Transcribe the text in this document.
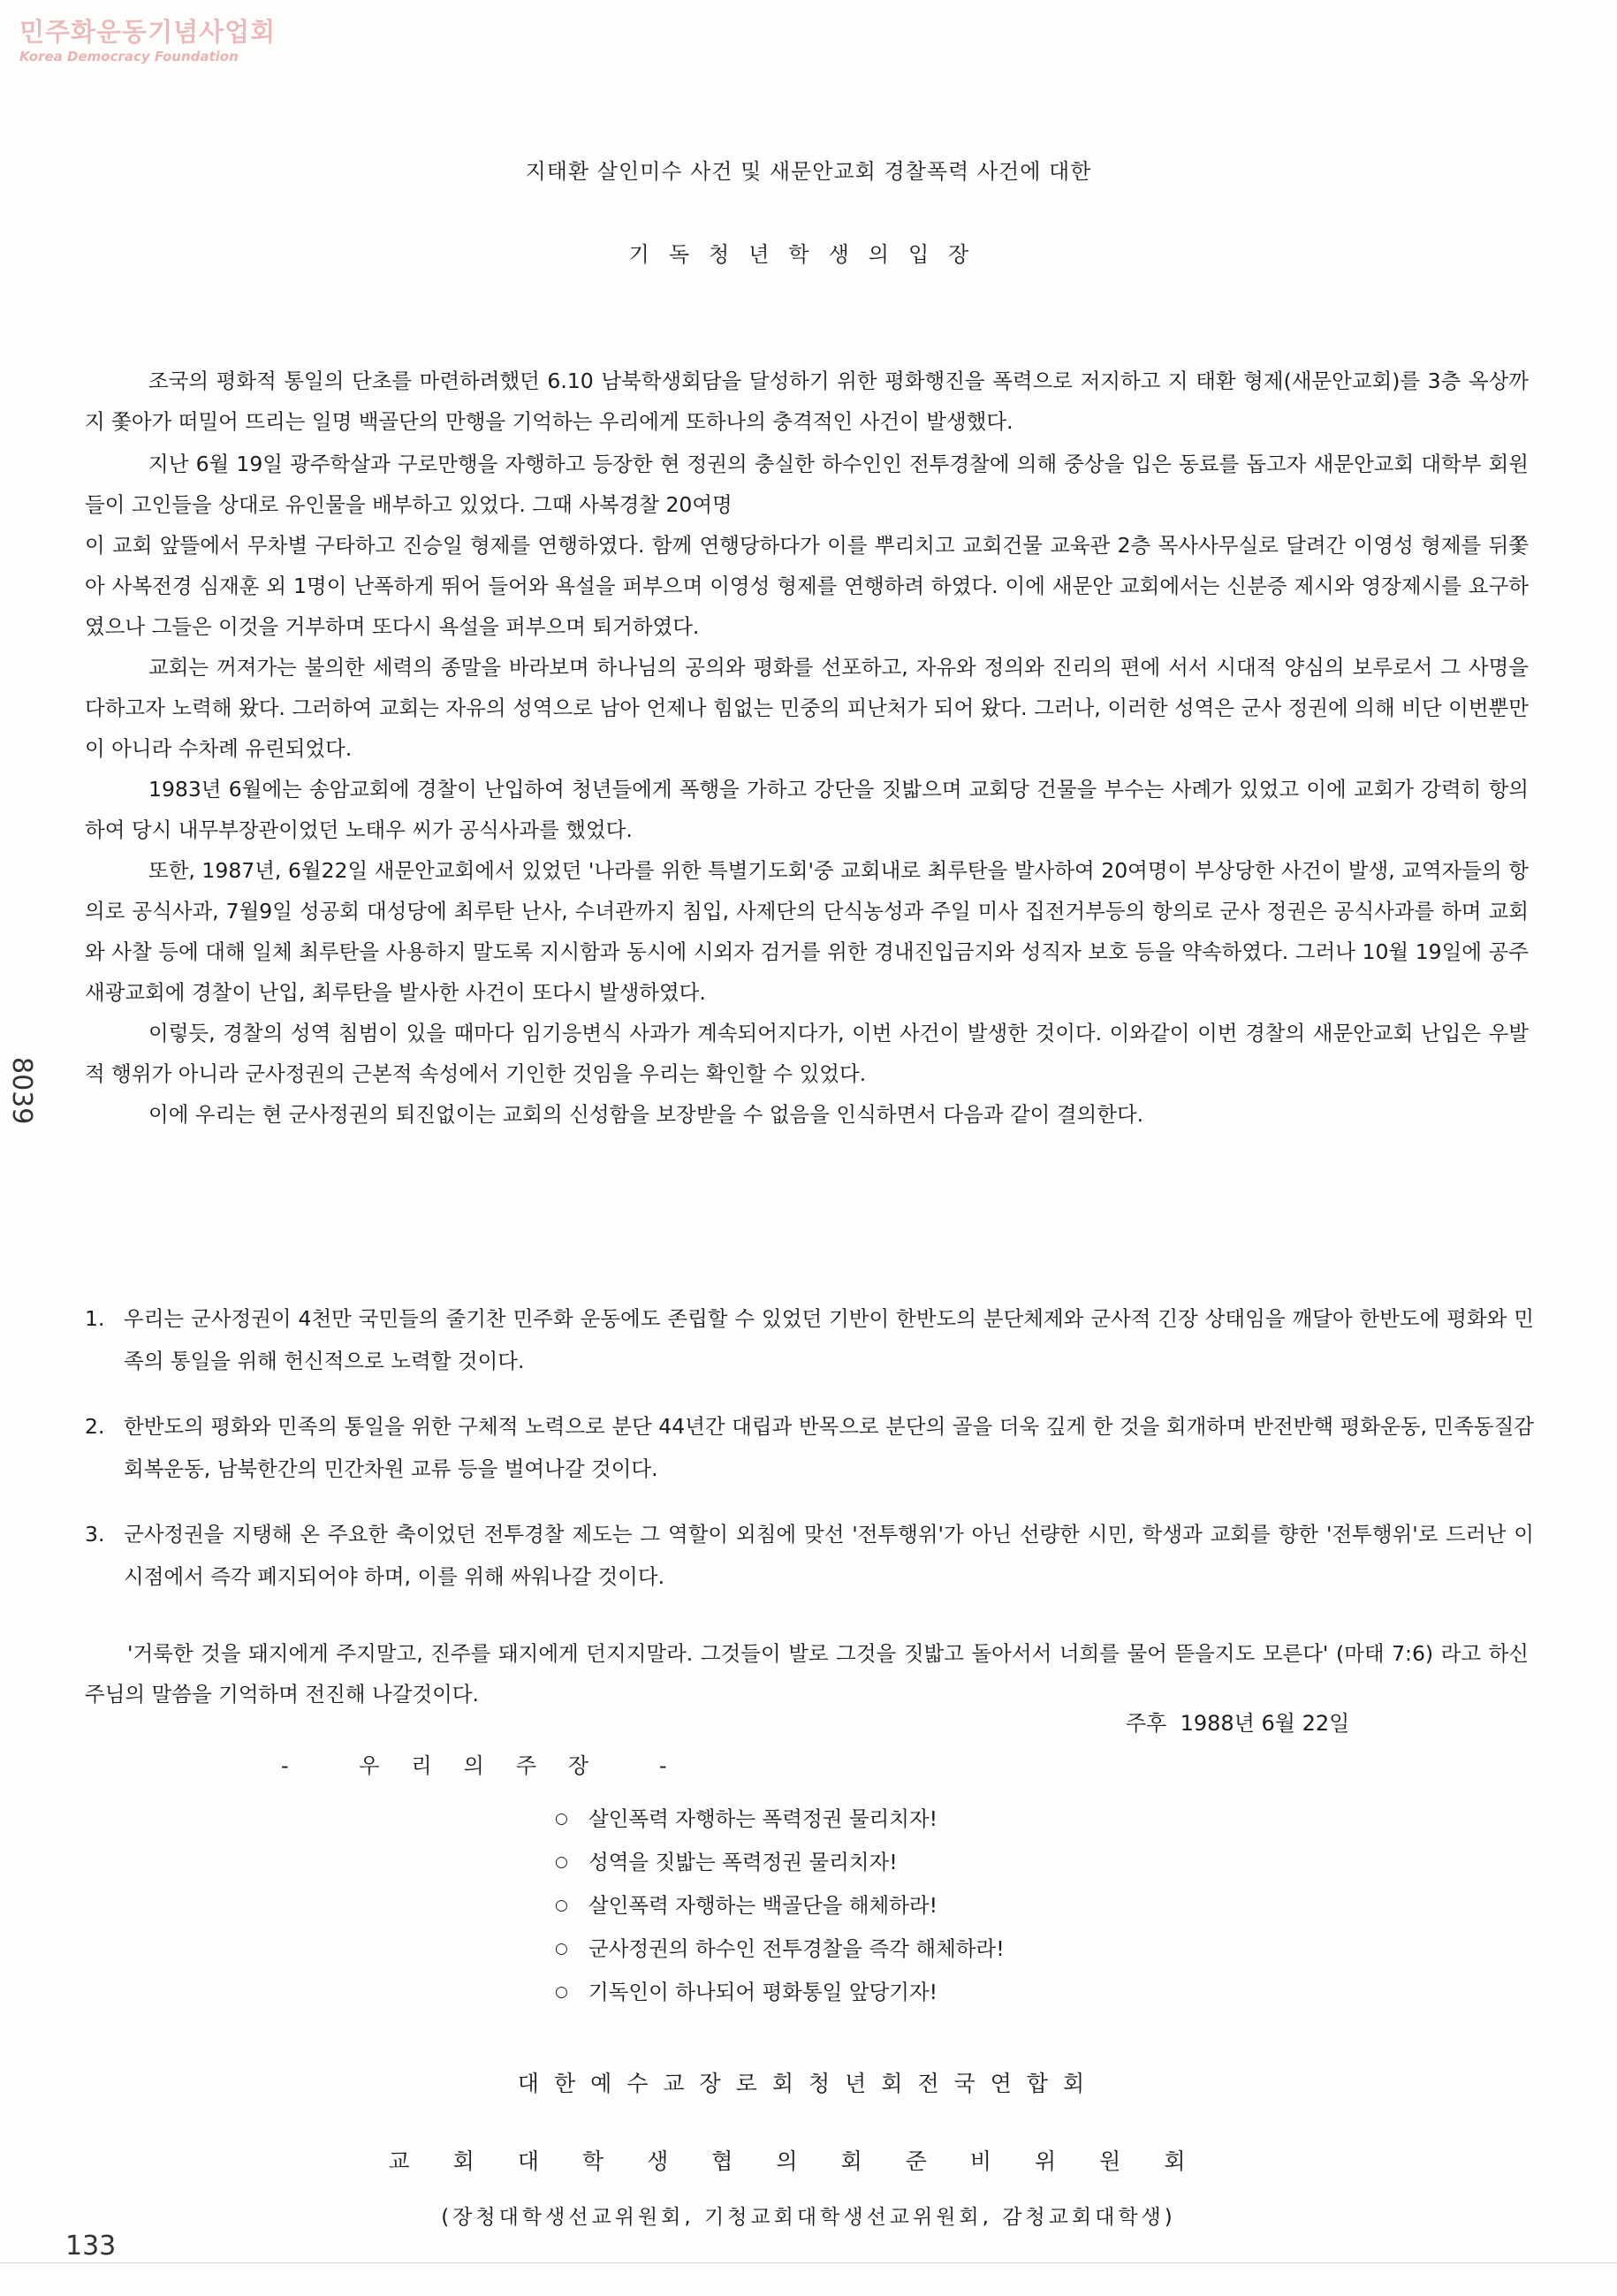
민주화운동기념사업회
Korea Democracy Foundation
지태환 살인미수 사건 및 새문안교회 경찰폭력 사건에 대한
기독청년학생의입장

조국의 평화적 통일의 단초를 마련하려했던 6.10 남북학생회담을 달성하기 위한 평화행진을 폭력으로 저지하고 지 태환 형제(새문안교회)를 3층 옥상까지 쫓아가 떠밀어 뜨리는 일명 백골단의 만행을 기억하는 우리에게 또하나의 충격적인 사건이 발생했다.

지난 6월 19일 광주학살과 구로만행을 자행하고 등장한 현 정권의 충실한 하수인인 전투경찰에 의해 중상을 입은 동료를 돕고자 새문안교회 대학부 회원들이 고인들을 상대로 유인물을 배부하고 있었다. 그때 사복경찰 20여명

이 교회 앞뜰에서 무차별 구타하고 진승일 형제를 연행하였다. 함께 연행당하다가 이를 뿌리치고 교회건물 교육관 2층 목사사무실로 달려간 이영성 형제를 뒤쫓아 사복전경 심재훈 외 1명이 난폭하게 뛰어 들어와 욕설을 퍼부으며 이영성 형제를 연행하려 하였다. 이에 새문안 교회에서는 신분증 제시와 영장제시를 요구하였으나 그들은 이것을 거부하며 또다시 욕설을 퍼부으며 퇴거하였다.

교회는 꺼져가는 불의한 세력의 종말을 바라보며 하나님의 공의와 평화를 선포하고, 자유와 정의와 진리의 편에 서서 시대적 양심의 보루로서 그 사명을 다하고자 노력해 왔다. 그러하여 교회는 자유의 성역으로 남아 언제나 힘없는 민중의 피난처가 되어 왔다. 그러나, 이러한 성역은 군사 정권에 의해 비단 이번뿐만이 아니라 수차례 유린되었다.

1983년 6월에는 송암교회에 경찰이 난입하여 청년들에게 폭행을 가하고 강단을 짓밟으며 교회당 건물을 부수는 사례가 있었고 이에 교회가 강력히 항의하여 당시 내무부장관이었던 노태우 씨가 공식사과를 했었다.

또한, 1987년, 6월22일 새문안교회에서 있었던 '나라를 위한 특별기도회'중 교회내로 최루탄을 발사하여 20여명이 부상당한 사건이 발생, 교역자들의 항의로 공식사과, 7월9일 성공회 대성당에 최루탄 난사, 수녀관까지 침입, 사제단의 단식농성과 주일 미사 집전거부등의 항의로 군사 정권은 공식사과를 하며 교회와 사찰 등에 대해 일체 최루탄을 사용하지 말도록 지시함과 동시에 시외자 검거를 위한 경내진입금지와 성직자 보호 등을 약속하였다. 그러나 10월 19일에 공주 새광교회에 경찰이 난입, 최루탄을 발사한 사건이 또다시 발생하였다.

이렇듯, 경찰의 성역 침범이 있을 때마다 임기응변식 사과가 계속되어지다가, 이번 사건이 발생한 것이다. 이와같이 이번 경찰의 새문안교회 난입은 우발적 행위가 아니라 군사정권의 근본적 속성에서 기인한 것임을 우리는 확인할 수 있었다.

이에 우리는 현 군사정권의 퇴진없이는 교회의 신성함을 보장받을 수 없음을 인식하면서 다음과 같이 결의한다.

1. 우리는 군사정권이 4천만 국민들의 줄기찬 민주화 운동에도 존립할 수 있었던 기반이 한반도의 분단체제와 군사적 긴장 상태임을 깨달아 한반도에 평화와 민족의 통일을 위해 헌신적으로 노력할 것이다.
2. 한반도의 평화와 민족의 통일을 위한 구체적 노력으로 분단 44년간 대립과 반목으로 분단의 골을 더욱 깊게 한 것을 회개하며 반전반핵 평화운동, 민족동질감 회복운동, 남북한간의 민간차원 교류 등을 벌여나갈 것이다.
3. 군사정권을 지탱해 온 주요한 축이었던 전투경찰 제도는 그 역할이 외침에 맞선 '전투행위'가 아닌 선량한 시민, 학생과 교회를 향한 '전투행위'로 드러난 이 시점에서 즉각 폐지되어야 하며, 이를 위해 싸워나갈 것이다.
'거룩한 것을 돼지에게 주지말고, 진주를 돼지에게 던지지말라. 그것들이 발로 그것을 짓밟고 돌아서서 너희를 물어 뜯을지도 모른다' (마태 7:6) 라고 하신 주님의 말씀을 기억하며 전진해 나갈것이다.
주후  1988년 6월 22일
- 우리의주장 -
○ 살인폭력 자행하는 폭력정권 물리치자!
○ 성역을 짓밟는 폭력정권 물리치자!
○ 살인폭력 자행하는 백골단을 해체하라!
○ 군사정권의 하수인 전투경찰을 즉각 해체하라!
○ 기독인이 하나되어 평화통일 앞당기자!
대한예수교장로회청년회전국연합회
교회대학생협의회준비위원회
(장청대학생선교위원회, 기청교회대학생선교위원회, 감청교회대학생)
8039
133
